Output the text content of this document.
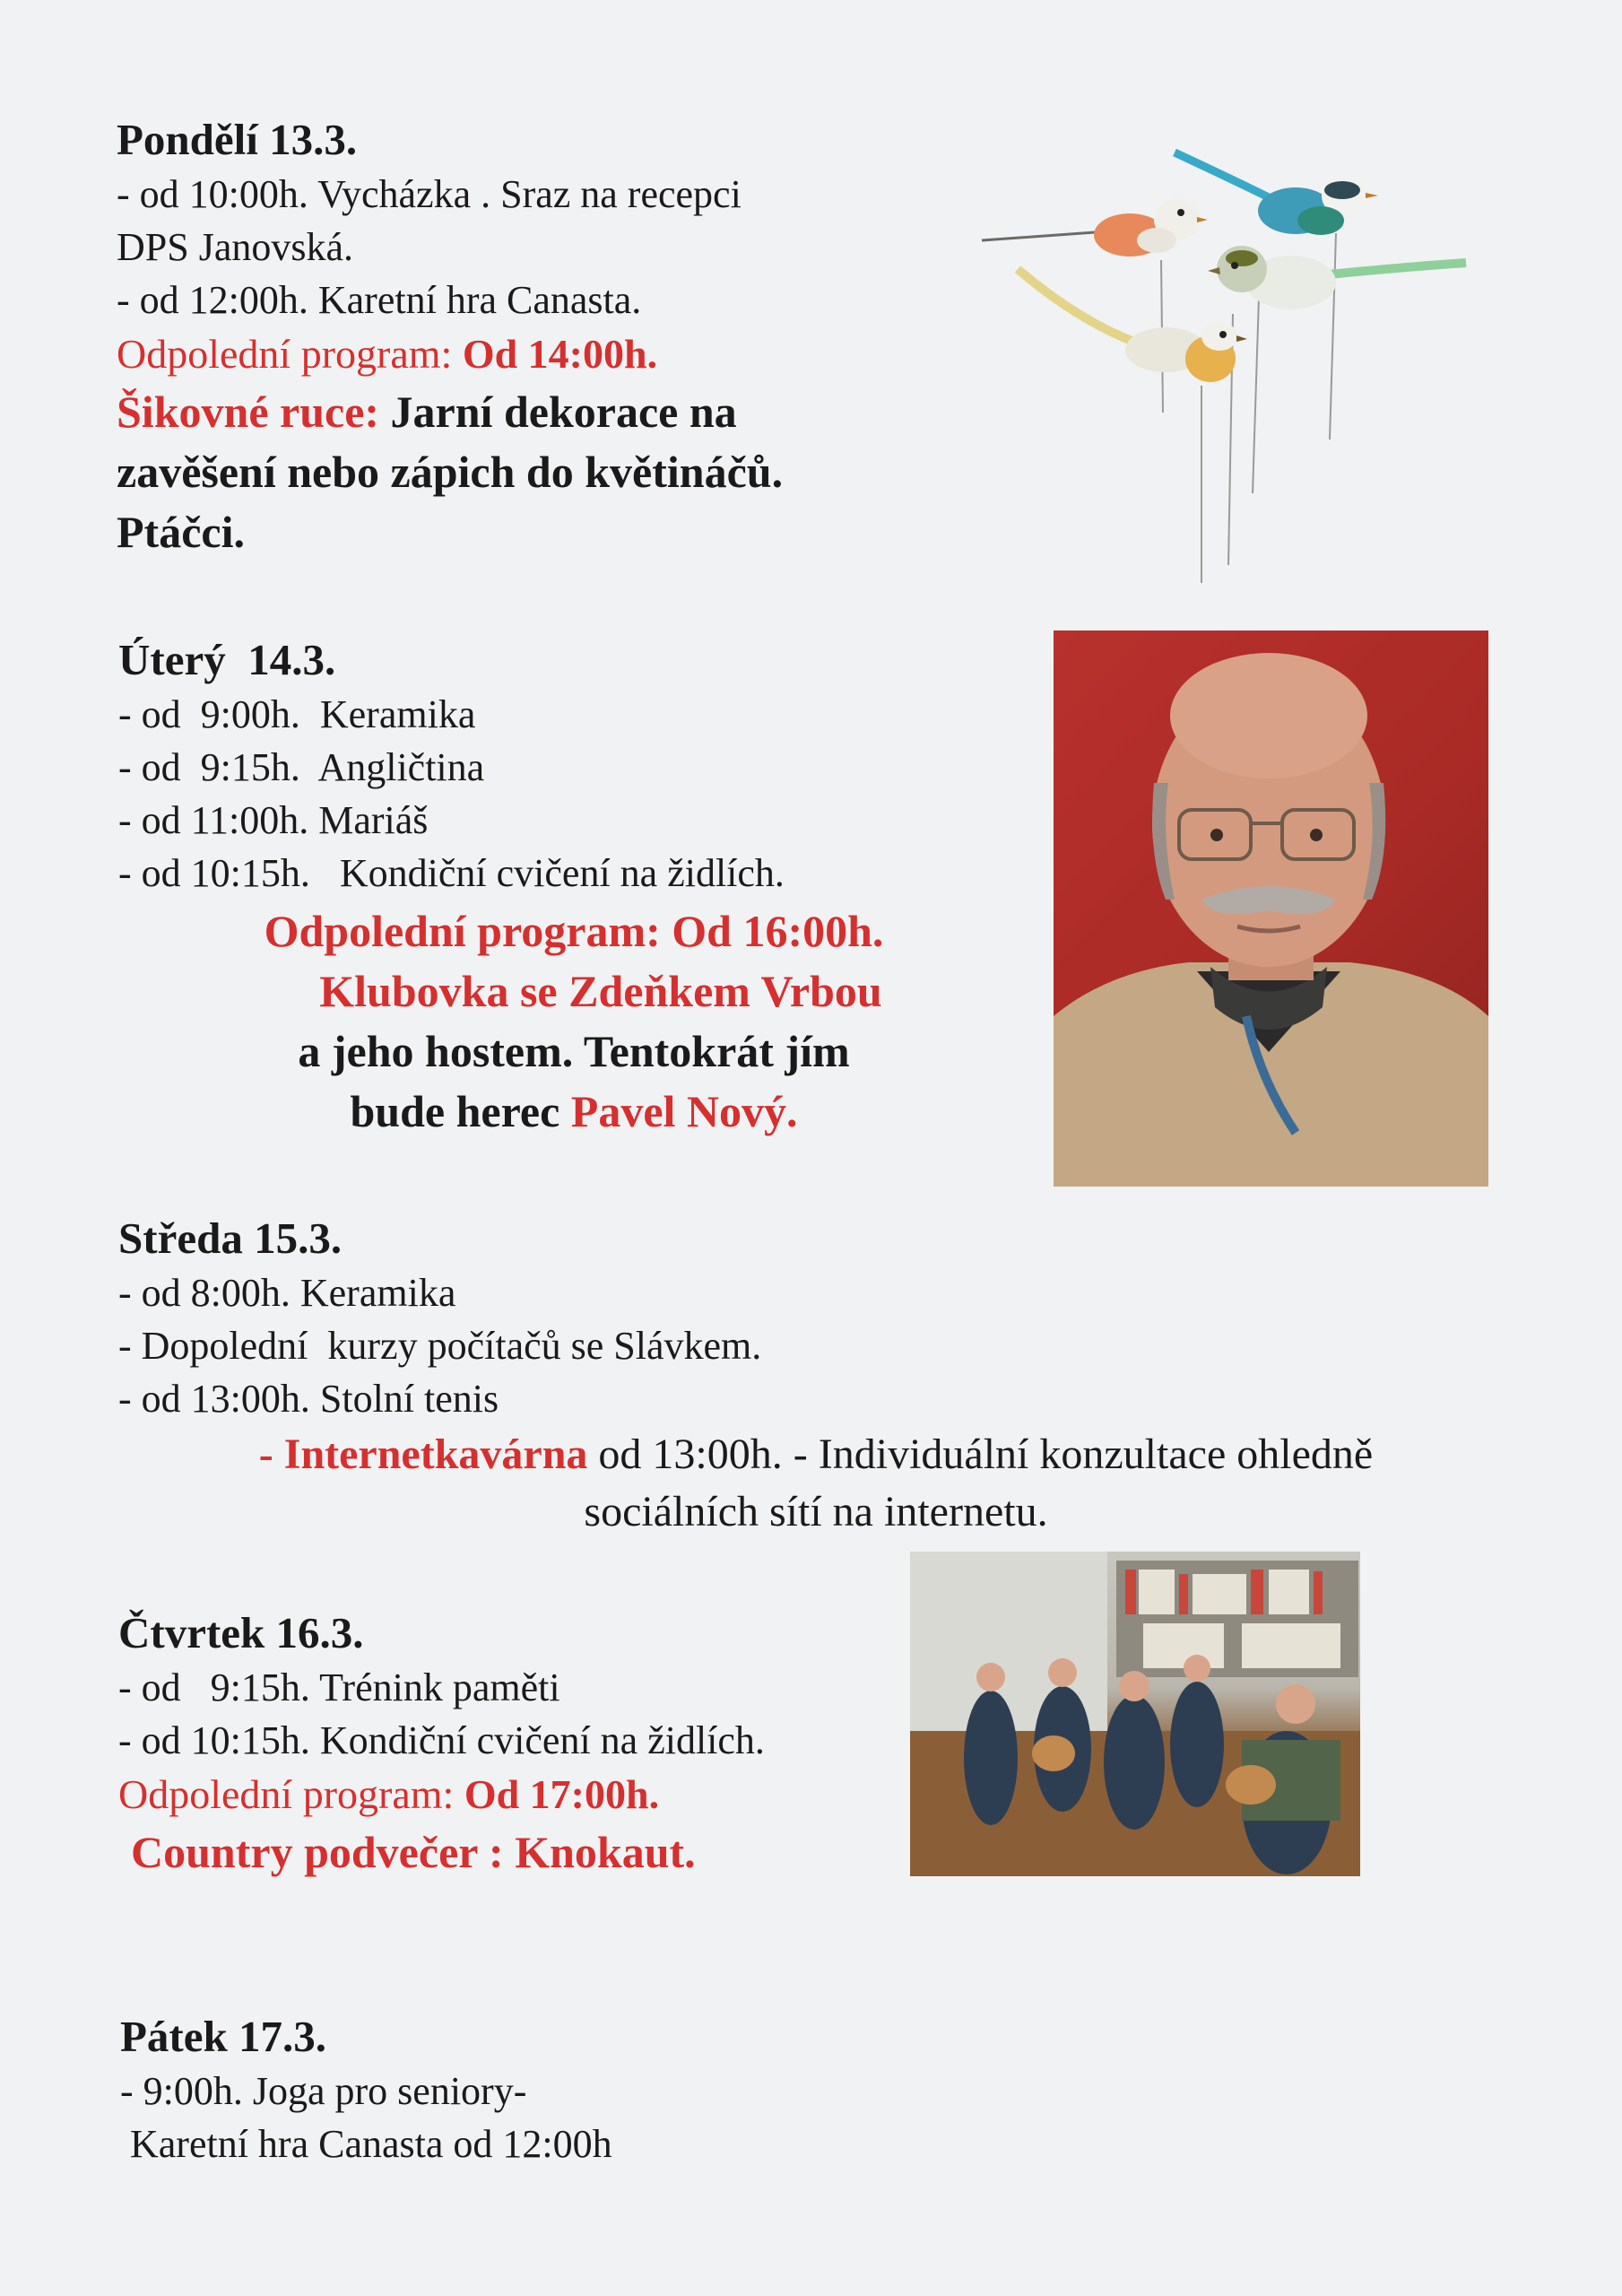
Pondělí 13.3.
- od 10:00h. Vycházka . Sraz na recepci
DPS Janovská.
- od 12:00h. Karetní hra Canasta.
Odpolední program: Od 14:00h.
Šikovné ruce: Jarní dekorace na
zavěšení nebo zápich do květináčů.
Ptáčci.
Úterý  14.3.
- od  9:00h.  Keramika
- od  9:15h.  Angličtina
- od 11:00h. Mariáš
- od 10:15h.   Kondiční cvičení na židlích.
Odpolední program: Od 16:00h.
Klubovka se Zdeňkem Vrbou
a jeho hostem. Tentokrát jím
bude herec Pavel Nový.
Středa 15.3.
- od 8:00h. Keramika
- Dopolední  kurzy počítačů se Slávkem.
- od 13:00h. Stolní tenis
- Internetkavárna od 13:00h. - Individuální konzultace ohledně
sociálních sítí na internetu.
Čtvrtek 16.3.
- od   9:15h. Trénink paměti
- od 10:15h. Kondiční cvičení na židlích.
Odpolední program: Od 17:00h.
Country podvečer : Knokaut.
Pátek 17.3.
- 9:00h. Joga pro seniory-
Karetní hra Canasta od 12:00h
